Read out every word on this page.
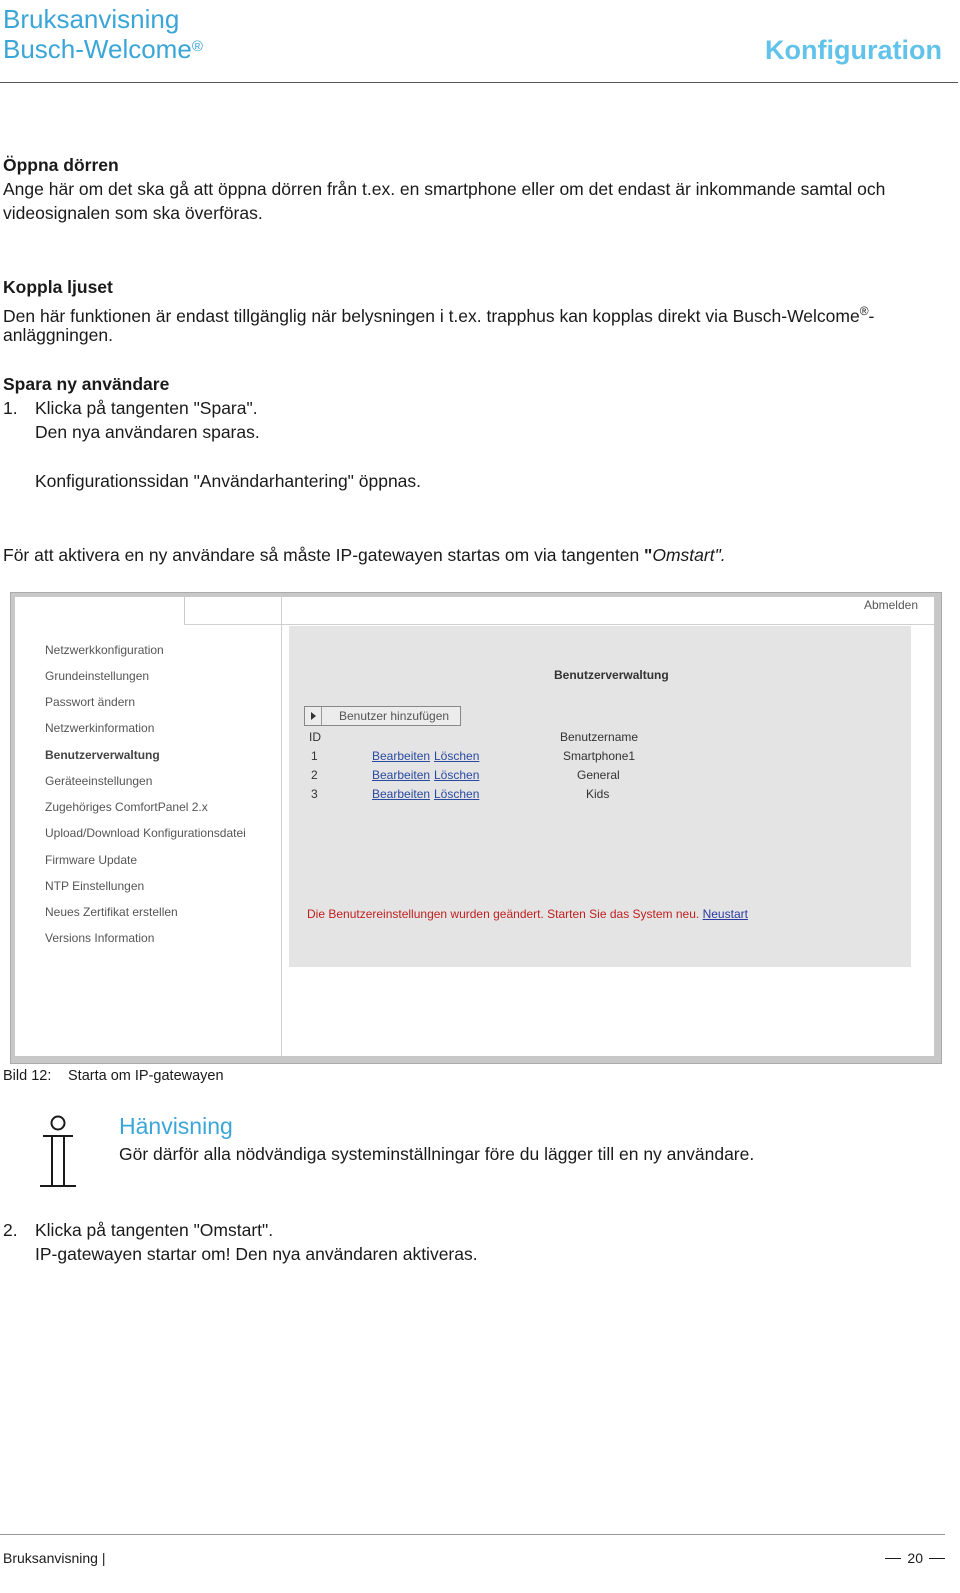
Bruksanvisning
Busch-Welcome®	Konfiguration
Öppna dörren
Ange här om det ska gå att öppna dörren från t.ex. en smartphone eller om det endast är inkommande samtal och
videosignalen som ska överföras.
Koppla ljuset
Den här funktionen är endast tillgänglig när belysningen i t.ex. trapphus kan kopplas direkt via Busch-Welcome®-
anläggningen.
Spara ny användare
1. Klicka på tangenten "Spara".
Den nya användaren sparas.
Konfigurationssidan "Användarhantering" öppnas.
För att aktivera en ny användare så måste IP-gatewayen startas om via tangenten "Omstart".
Abmelden
Netzwerkkonfiguration
Grundeinstellungen
Passwort ändern
Netzwerkinformation
Benutzerverwaltung
Geräteeinstellungen
Zugehöriges ComfortPanel 2.x
Upload/Download Konfigurationsdatei
Firmware Update
NTP Einstellungen
Neues Zertifikat erstellen
Versions Information
Benutzerverwaltung
Benutzer hinzufügen
ID	Benutzername
1	Bearbeiten Löschen	Smartphone1
2	Bearbeiten Löschen	General
3	Bearbeiten Löschen	Kids
Die Benutzereinstellungen wurden geändert. Starten Sie das System neu. Neustart
Bild 12: Starta om IP-gatewayen
Hänvisning
Gör därför alla nödvändiga systeminställningar före du lägger till en ny användare.
2. Klicka på tangenten "Omstart".
IP-gatewayen startar om! Den nya användaren aktiveras.
Bruksanvisning |	20
